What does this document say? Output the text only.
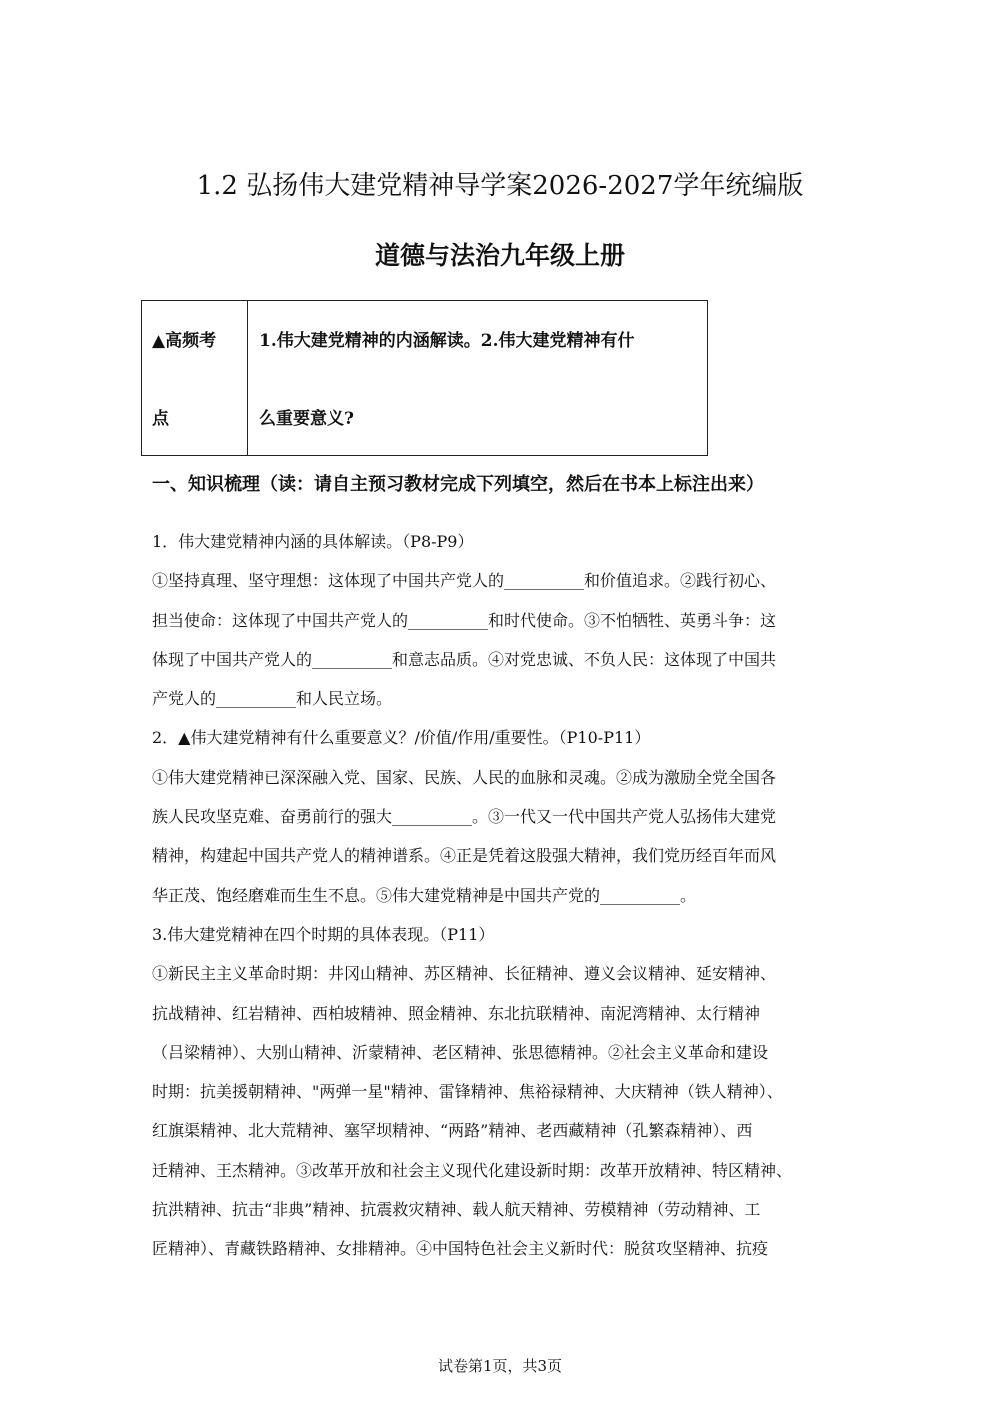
1.2 弘扬伟大建党精神导学案2026-2027学年统编版
道德与法治九年级上册
▲高频考
点
1.伟大建党精神的内涵解读。2.伟大建党精神有什
么重要意义?
一、知识梳理（读：请自主预习教材完成下列填空，然后在书本上标注出来）

1．伟大建党精神内涵的具体解读。（P8-P9）

①坚持真理、坚守理想：这体现了中国共产党人的__________和价值追求。②践行初心、

担当使命：这体现了中国共产党人的__________和时代使命。③不怕牺牲、英勇斗争：这

体现了中国共产党人的__________和意志品质。④对党忠诚、不负人民：这体现了中国共

产党人的__________和人民立场。

2．▲伟大建党精神有什么重要意义？/价值/作用/重要性。（P10-P11）

①伟大建党精神已深深融入党、国家、民族、人民的血脉和灵魂。②成为激励全党全国各

族人民攻坚克难、奋勇前行的强大__________。③一代又一代中国共产党人弘扬伟大建党

精神，构建起中国共产党人的精神谱系。④正是凭着这股强大精神，我们党历经百年而风

华正茂、饱经磨难而生生不息。⑤伟大建党精神是中国共产党的__________。

3.伟大建党精神在四个时期的具体表现。（P11）

①新民主主义革命时期：井冈山精神、苏区精神、长征精神、遵义会议精神、延安精神、

抗战精神、红岩精神、西柏坡精神、照金精神、东北抗联精神、南泥湾精神、太行精神

（吕梁精神）、大别山精神、沂蒙精神、老区精神、张思德精神。②社会主义革命和建设

时期：抗美援朝精神、"两弹一星"精神、雷锋精神、焦裕禄精神、大庆精神（铁人精神）、

红旗渠精神、北大荒精神、塞罕坝精神、“两路”精神、老西藏精神（孔繁森精神）、西

迁精神、王杰精神。③改革开放和社会主义现代化建设新时期：改革开放精神、特区精神、

抗洪精神、抗击“非典”精神、抗震救灾精神、载人航天精神、劳模精神（劳动精神、工

匠精神）、青藏铁路精神、女排精神。④中国特色社会主义新时代：脱贫攻坚精神、抗疫

试卷第1页，共3页
